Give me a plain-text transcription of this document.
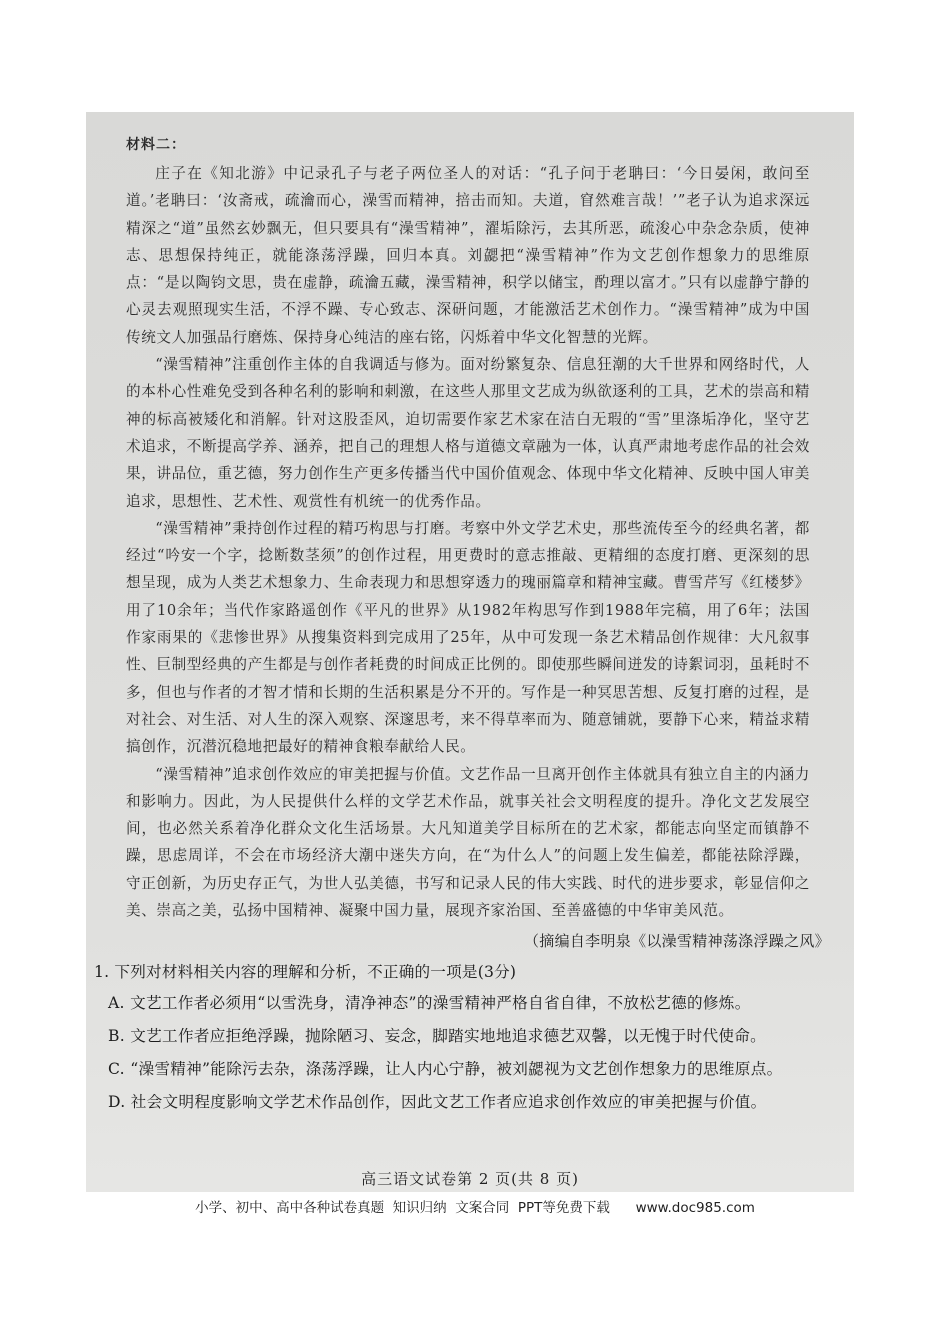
材料二：

庄子在《知北游》中记录孔子与老子两位圣人的对话：“孔子问于老聃曰：‘今日晏闲，敢问至道。’老聃曰：‘汝斋戒，疏瀹而心，澡雪而精神，掊击而知。夫道，窅然难言哉！’”老子认为追求深远精深之“道”虽然玄妙飘无，但只要具有“澡雪精神”，濯垢除污，去其所恶，疏浚心中杂念杂质，使神志、思想保持纯正，就能涤荡浮躁，回归本真。刘勰把“澡雪精神”作为文艺创作想象力的思维原点：“是以陶钧文思，贵在虚静，疏瀹五藏，澡雪精神，积学以储宝，酌理以富才。”只有以虚静宁静的心灵去观照现实生活，不浮不躁、专心致志、深研问题，才能激活艺术创作力。“澡雪精神”成为中国传统文人加强品行磨炼、保持身心纯洁的座右铭，闪烁着中华文化智慧的光辉。

“澡雪精神”注重创作主体的自我调适与修为。面对纷繁复杂、信息狂潮的大千世界和网络时代，人的本朴心性难免受到各种名利的影响和刺激，在这些人那里文艺成为纵欲逐利的工具，艺术的崇高和精神的标高被矮化和消解。针对这股歪风，迫切需要作家艺术家在洁白无瑕的“雪”里涤垢净化，坚守艺术追求，不断提高学养、涵养，把自己的理想人格与道德文章融为一体，认真严肃地考虑作品的社会效果，讲品位，重艺德，努力创作生产更多传播当代中国价值观念、体现中华文化精神、反映中国人审美追求，思想性、艺术性、观赏性有机统一的优秀作品。

“澡雪精神”秉持创作过程的精巧构思与打磨。考察中外文学艺术史，那些流传至今的经典名著，都经过“吟安一个字，捻断数茎须”的创作过程，用更费时的意志推敲、更精细的态度打磨、更深刻的思想呈现，成为人类艺术想象力、生命表现力和思想穿透力的瑰丽篇章和精神宝藏。曹雪芹写《红楼梦》用了10余年；当代作家路遥创作《平凡的世界》从1982年构思写作到1988年完稿，用了6年；法国作家雨果的《悲惨世界》从搜集资料到完成用了25年，从中可发现一条艺术精品创作规律：大凡叙事性、巨制型经典的产生都是与创作者耗费的时间成正比例的。即使那些瞬间迸发的诗絮词羽，虽耗时不多，但也与作者的才智才情和长期的生活积累是分不开的。写作是一种冥思苦想、反复打磨的过程，是对社会、对生活、对人生的深入观察、深邃思考，来不得草率而为、随意铺就，要静下心来，精益求精搞创作，沉潜沉稳地把最好的精神食粮奉献给人民。

“澡雪精神”追求创作效应的审美把握与价值。文艺作品一旦离开创作主体就具有独立自主的内涵力和影响力。因此，为人民提供什么样的文学艺术作品，就事关社会文明程度的提升。净化文艺发展空间，也必然关系着净化群众文化生活场景。大凡知道美学目标所在的艺术家，都能志向坚定而镇静不躁，思虑周详，不会在市场经济大潮中迷失方向，在“为什么人”的问题上发生偏差，都能祛除浮躁，守正创新，为历史存正气，为世人弘美德，书写和记录人民的伟大实践、时代的进步要求，彰显信仰之美、崇高之美，弘扬中国精神、凝聚中国力量，展现齐家治国、至善盛德的中华审美风范。

（摘编自李明泉《以澡雪精神荡涤浮躁之风》

1. 下列对材料相关内容的理解和分析，不正确的一项是(3分)

A. 文艺工作者必须用“以雪洗身，清净神态”的澡雪精神严格自省自律，不放松艺德的修炼。

B. 文艺工作者应拒绝浮躁，抛除陋习、妄念，脚踏实地地追求德艺双馨，以无愧于时代使命。

C. “澡雪精神”能除污去杂，涤荡浮躁，让人内心宁静，被刘勰视为文艺创作想象力的思维原点。

D. 社会文明程度影响文学艺术作品创作，因此文艺工作者应追求创作效应的审美把握与价值。

高三语文试卷第 2 页(共 8 页)
小学、初中、高中各种试卷真题  知识归纳  文案合同  PPT等免费下载      www.doc985.com
